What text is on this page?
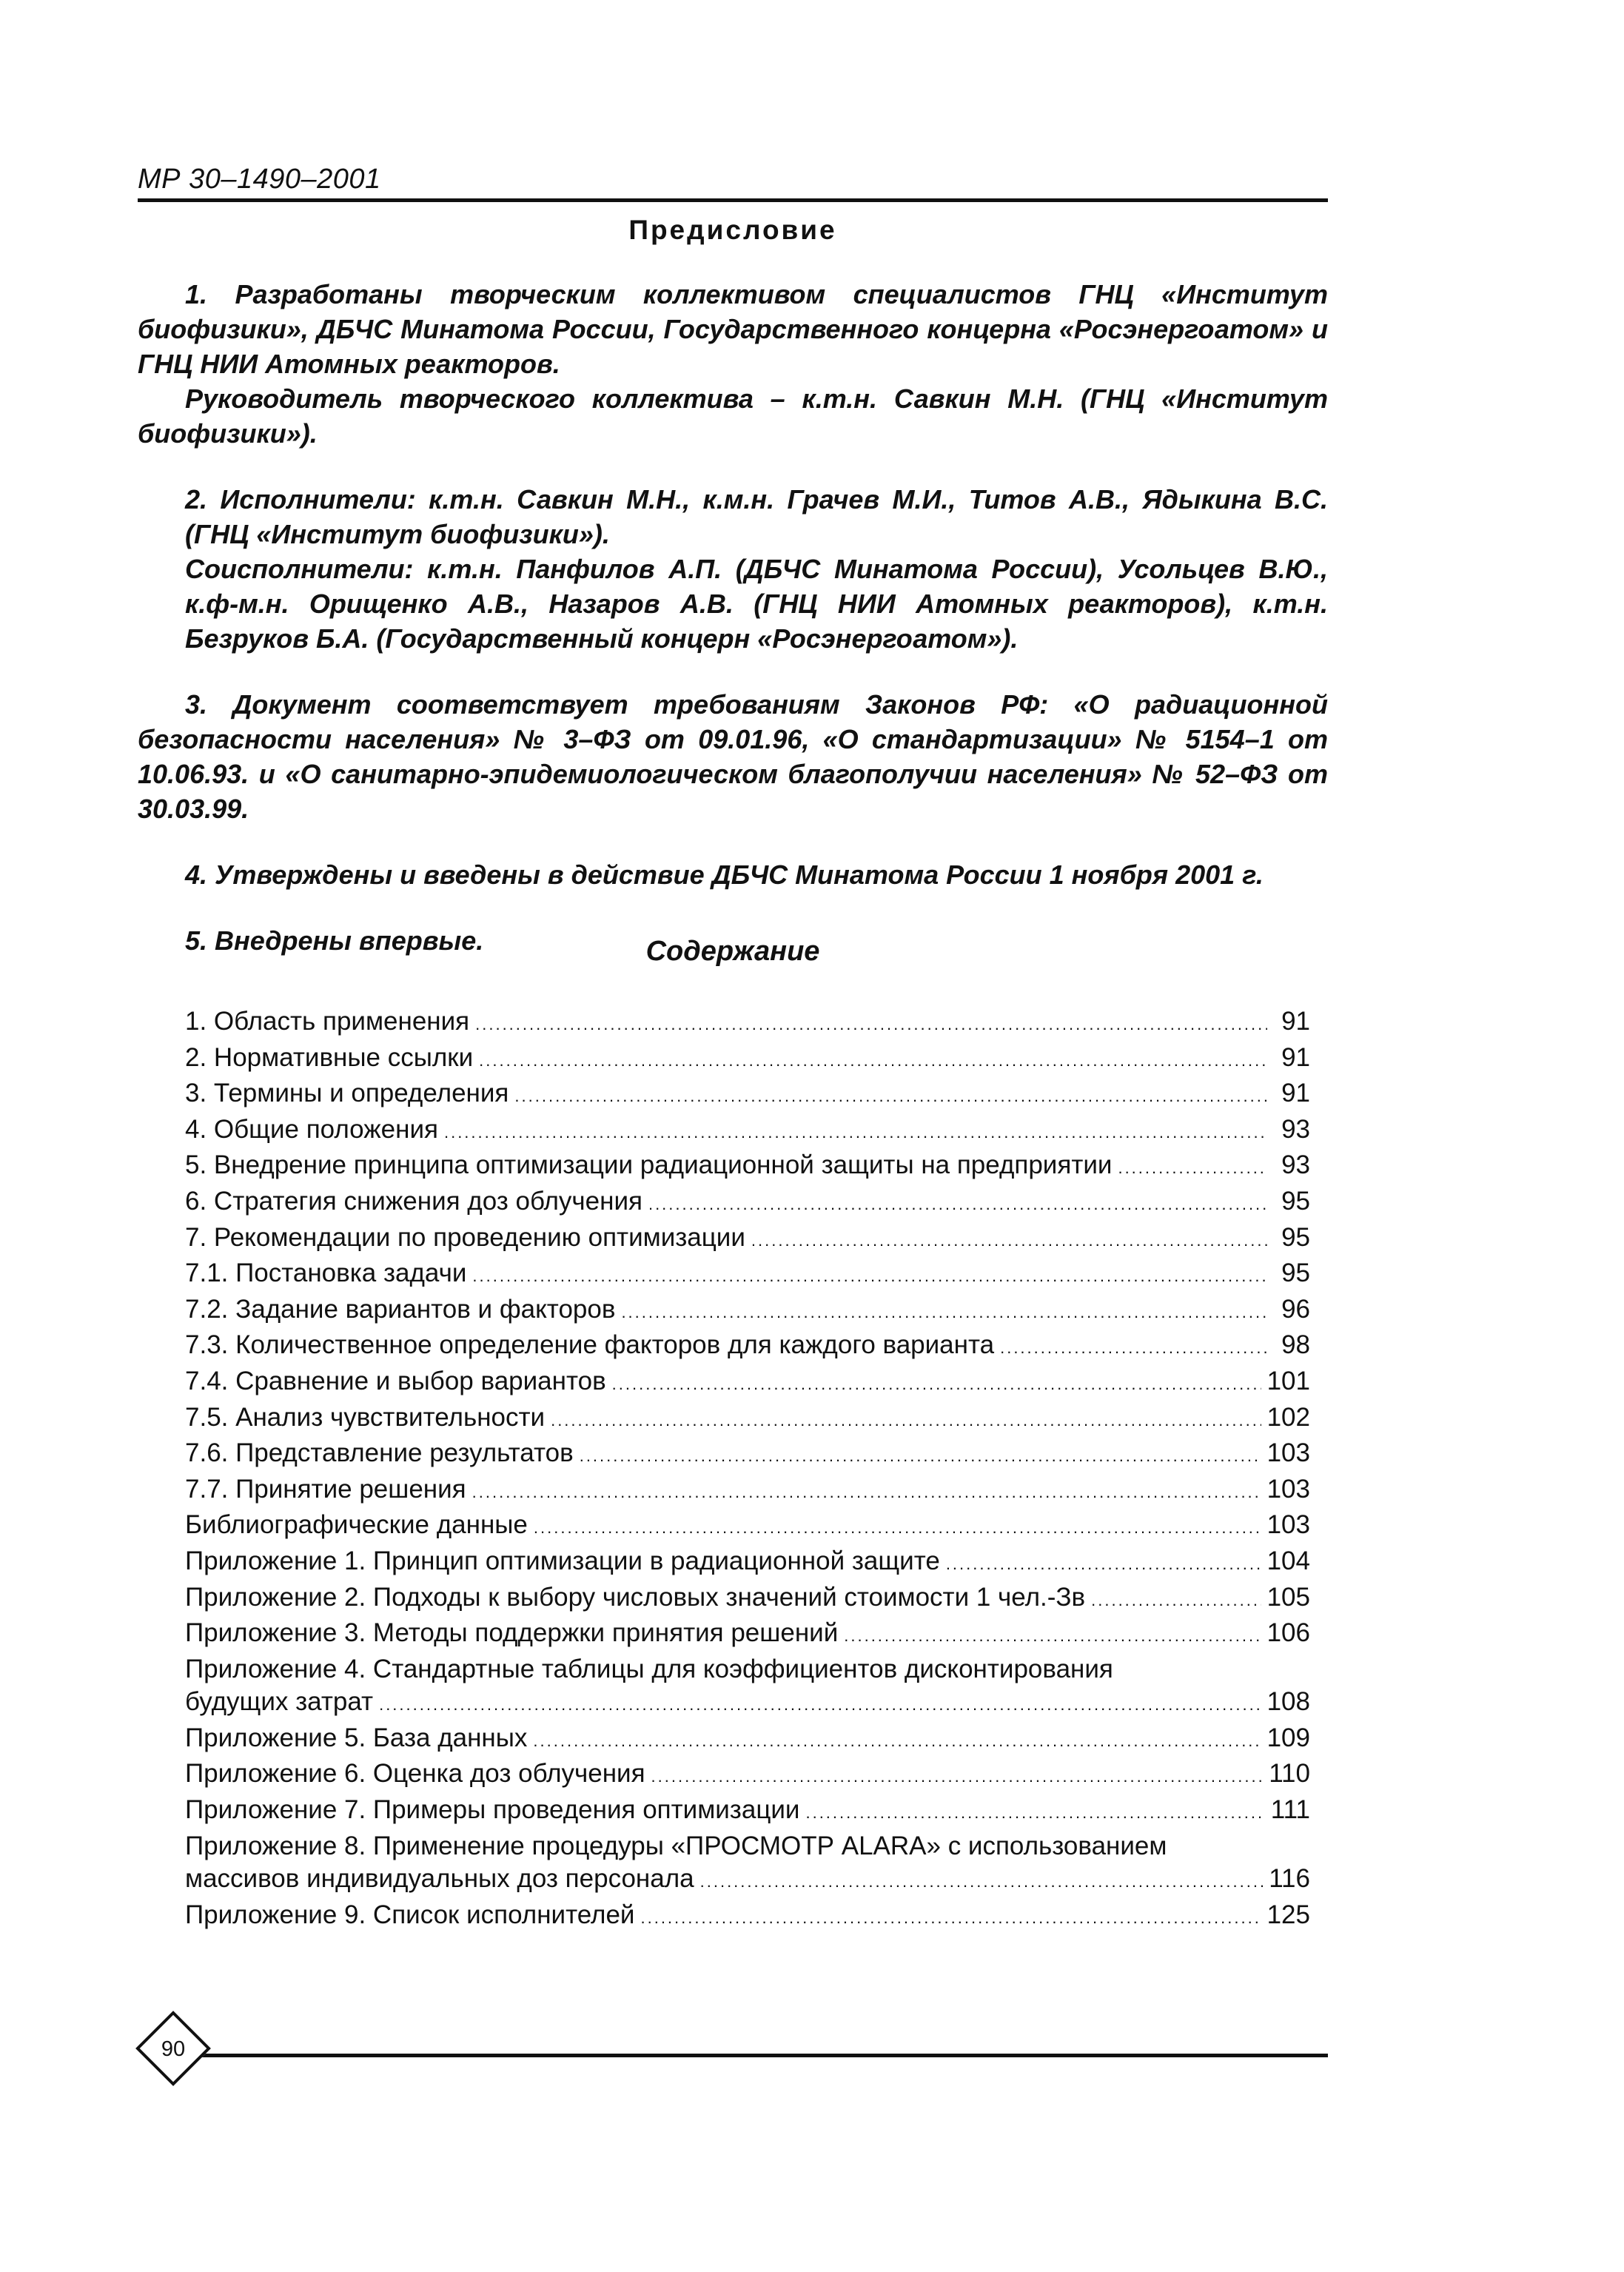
МР 30–1490–2001
Предисловие

1. Разработаны творческим коллективом специалистов ГНЦ «Институт биофизики», ДБЧС Минатома России, Государственного концерна «Росэнергоатом» и ГНЦ НИИ Атомных реакторов.

Руководитель творческого коллектива – к.т.н. Савкин М.Н. (ГНЦ «Институт биофизики»).

2. Исполнители: к.т.н. Савкин М.Н., к.м.н. Грачев М.И., Титов А.В., Ядыкина В.С. (ГНЦ «Институт биофизики»).

Соисполнители: к.т.н. Панфилов А.П. (ДБЧС Минатома России), Усольцев В.Ю., к.ф-м.н. Орищенко А.В., Назаров А.В. (ГНЦ НИИ Атомных реакторов), к.т.н. Безруков Б.А. (Государственный концерн «Росэнергоатом»).

3. Документ соответствует требованиям Законов РФ: «О радиационной безопасности населения» № 3–ФЗ от 09.01.96, «О стандартизации» № 5154–1 от 10.06.93. и «О санитарно-эпидемиологическом благополучии населения» № 52–ФЗ от 30.03.99.

4. Утверждены и введены в действие ДБЧС Минатома России 1 ноября 2001 г.

5. Внедрены впервые.	Содержание
1. Область применения .....	91
2. Нормативные ссылки .....	91
3. Термины и определения .....	91
4. Общие положения .....	93
5. Внедрение принципа оптимизации радиационной защиты на предприятии .....	93
6. Стратегия снижения доз облучения .....	95
7. Рекомендации по проведению оптимизации .....	95
7.1. Постановка задачи .....	95
7.2. Задание вариантов и факторов .....	96
7.3. Количественное определение факторов для каждого варианта .....	98
7.4. Сравнение и выбор вариантов .....	101
7.5. Анализ чувствительности .....	102
7.6. Представление результатов .....	103
7.7. Принятие решения .....	103
Библиографические данные .....	103
Приложение 1. Принцип оптимизации в радиационной защите .....	104
Приложение 2. Подходы к выбору числовых значений стоимости 1 чел.-Зв .....	105
Приложение 3. Методы поддержки принятия решений .....	106
Приложение 4. Стандартные таблицы для коэффициентов дисконтирования
будущих затрат .....	108
Приложение 5. База данных .....	109
Приложение 6. Оценка доз облучения .....	110
Приложение 7. Примеры проведения оптимизации .....	111
Приложение 8. Применение процедуры «ПРОСМОТР ALARA» с использованием
массивов индивидуальных доз персонала .....	116
Приложение 9. Список исполнителей .....	125
90
